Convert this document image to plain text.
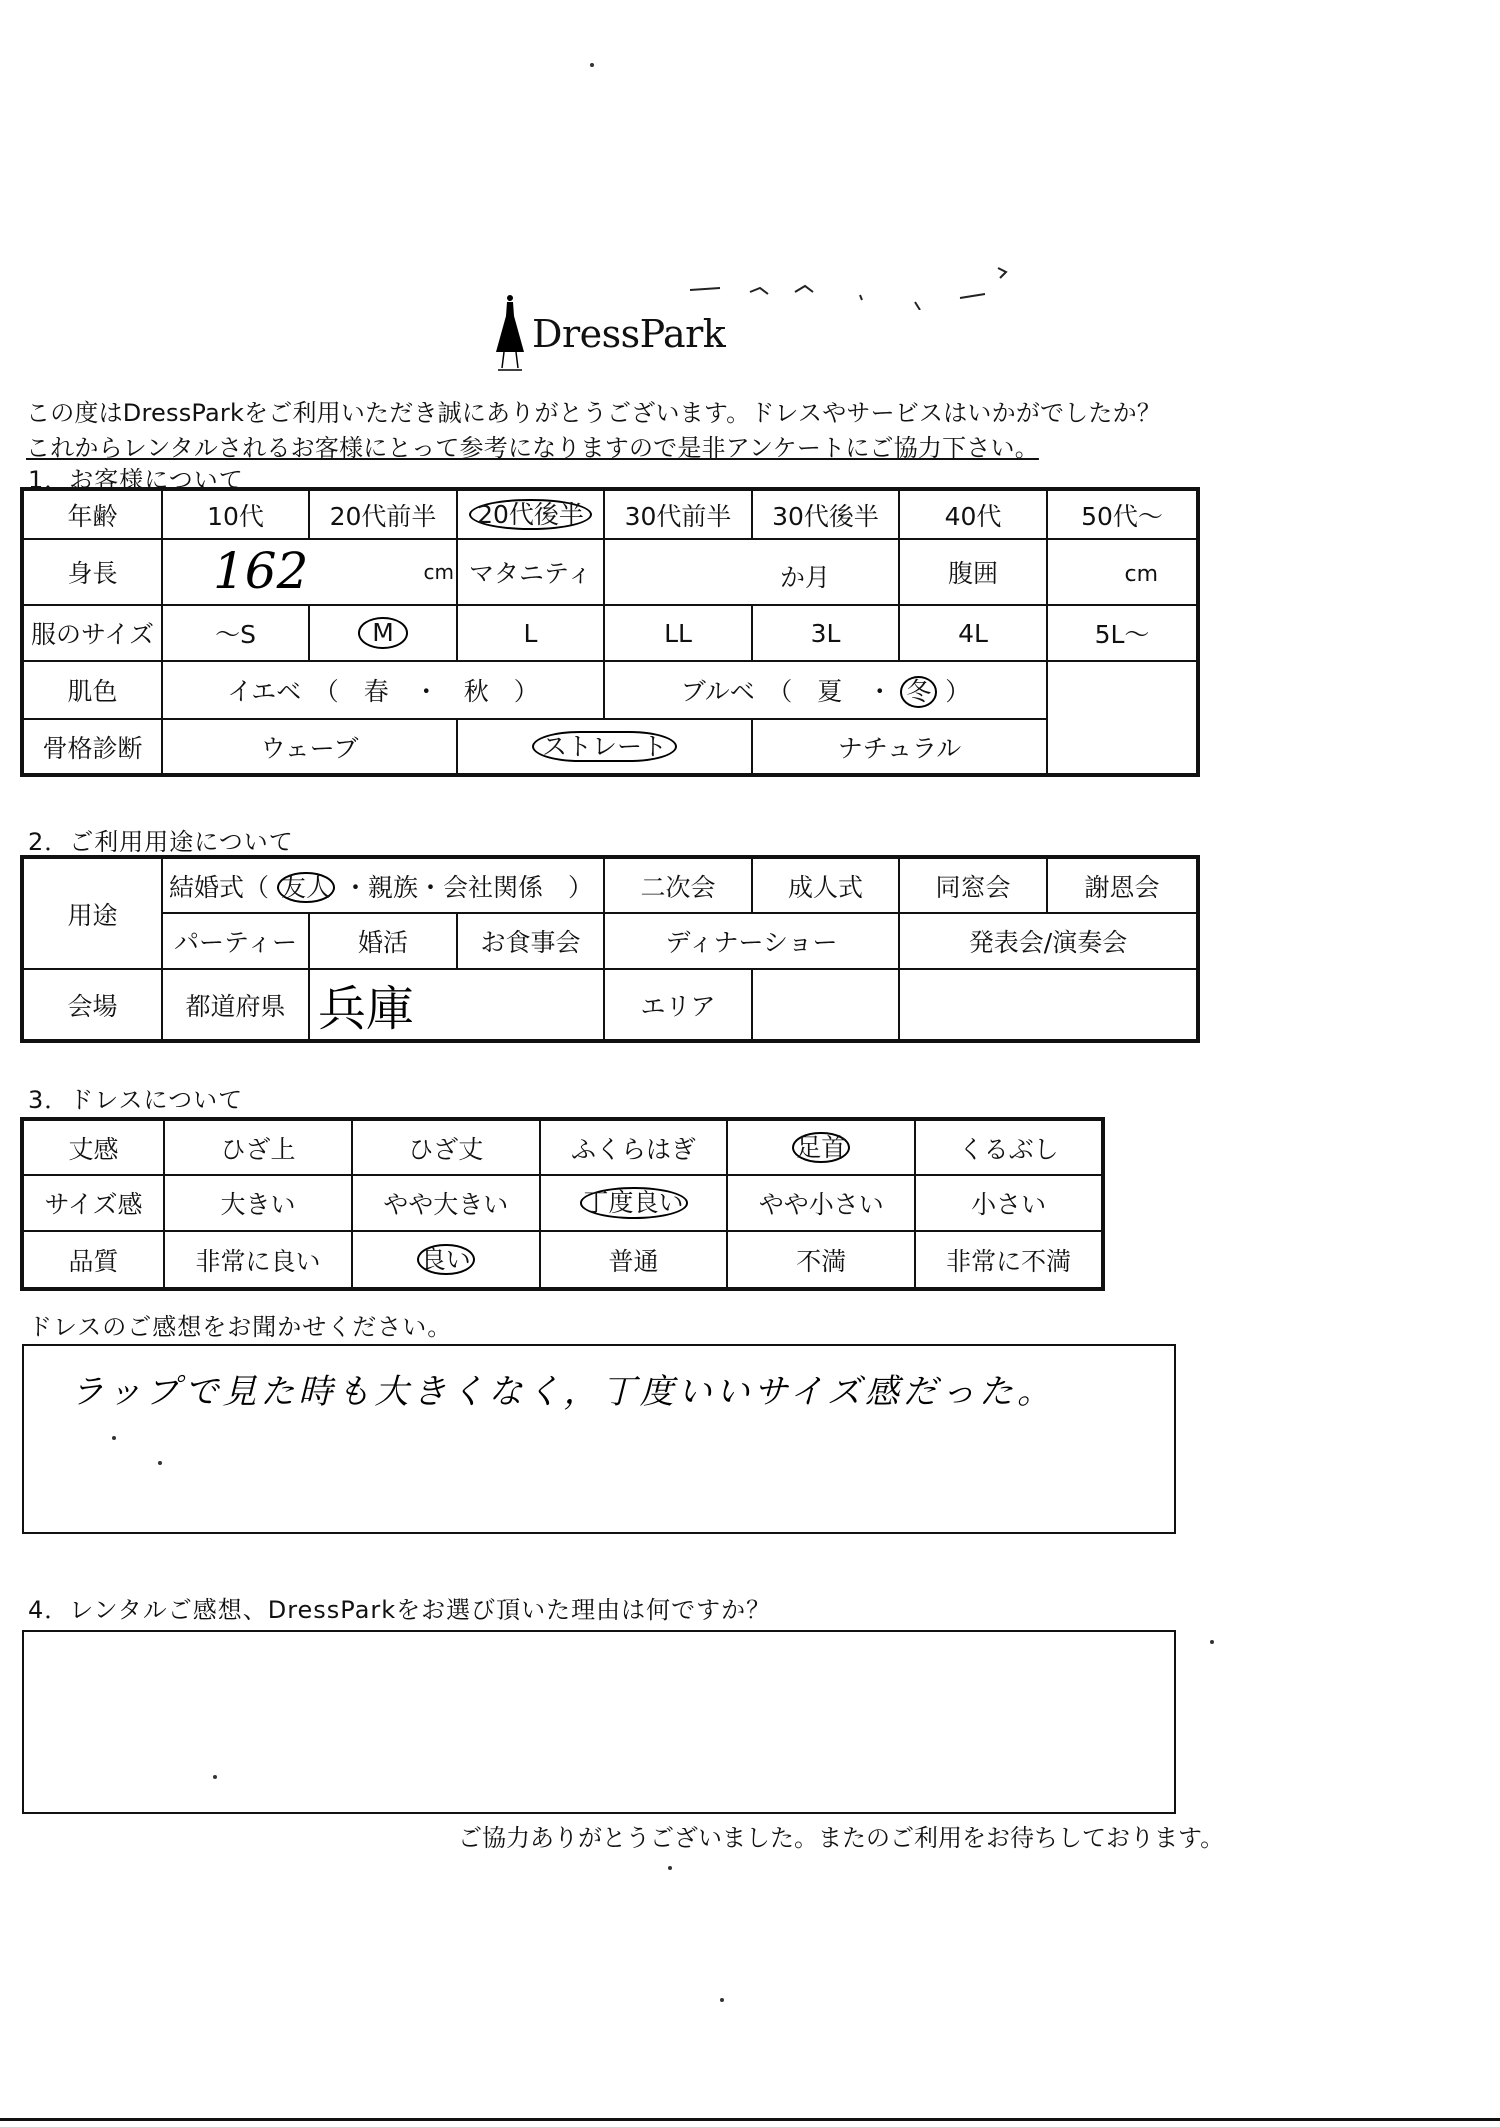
DressPark
この度はDressParkをご利用いただき誠にありがとうございます。ドレスやサービスはいかがでしたか？
これからレンタルされるお客様にとって参考になりますので是非アンケートにご協力下さい。
1．お客様について
年齢	10代	20代前半	20代後半	30代前半	30代後半	40代	50代～
身長	162 cm		マタニティ	か月		腹囲	cm
服のサイズ	～S	M	L	LL	3L	4L	5L～
肌色	イエベ　（　春　・　秋　）			ブルベ　（　夏　・ 冬 ）			
骨格診断	ウェーブ		ストレート		ナチュラル		
2．ご利用用途について
用途	結婚式（ 友人 ・親族・会社関係　）			二次会	成人式	同窓会	謝恩会
	パーティー	婚活	お食事会	ディナーショー		発表会/演奏会	
会場	都道府県	兵庫		エリア			
3．ドレスについて
丈感	ひざ上	ひざ丈	ふくらはぎ	足首	くるぶし
サイズ感	大きい	やや大きい	丁度良い	やや小さい	小さい
品質	非常に良い	良い	普通	不満	非常に不満
ドレスのご感想をお聞かせください。
ラップで見た時も大きくなく，丁度いいサイズ感だった。
4．レンタルご感想、DressParkをお選び頂いた理由は何ですか？
ご協力ありがとうございました。またのご利用をお待ちしております。
